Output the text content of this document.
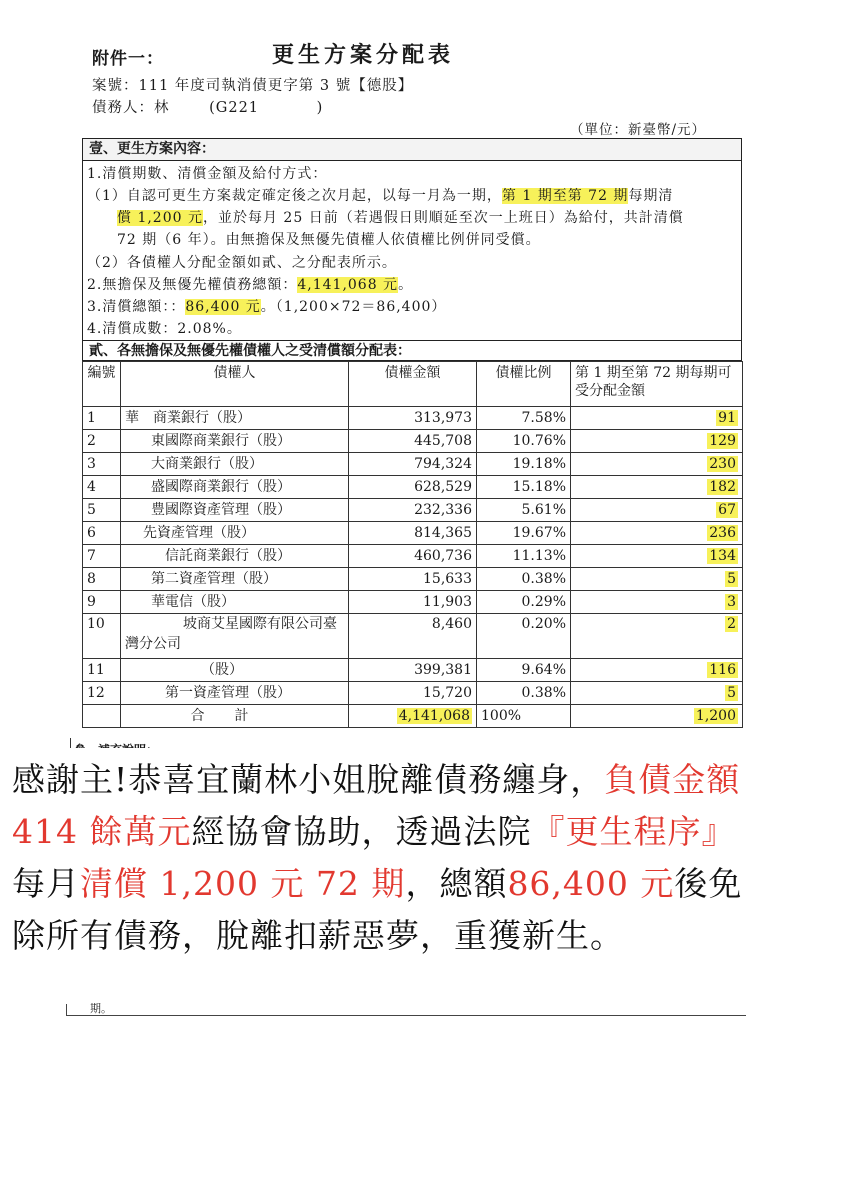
附件一：	更生方案分配表
案號：111 年度司執消債更字第 3 號【德股】
債務人：林	(G221	)
（單位：新臺幣/元）
壹、更生方案內容：
1.清償期數、清償金額及給付方式：
（1）自認可更生方案裁定確定後之次月起，以每一月為一期，第 1 期至第 72 期每期清
償 1,200 元，並於每月 25 日前（若遇假日則順延至次一上班日）為給付，共計清償
72 期（6 年）。由無擔保及無優先債權人依債權比例併同受償。
（2）各債權人分配金額如貳、之分配表所示。
2.無擔保及無優先權債務總額：4,141,068 元。
3.清償總額：：86,400 元。（1,200×72＝86,400）
4.清償成數：2.08%。
貳、各無擔保及無優先權債權人之受清償額分配表：
編號	債權人	債權金額	債權比例	第 1 期至第 72 期每期可受分配金額
1	華　商業銀行（股）	313,973	7.58%	91
2	東國際商業銀行（股）	445,708	10.76%	129
3	大商業銀行（股）	794,324	19.18%	230
4	盛國際商業銀行（股）	628,529	15.18%	182
5	豊國際資產管理（股）	232,336	5.61%	67
6	先資產管理（股）	814,365	19.67%	236
7	信託商業銀行（股）	460,736	11.13%	134
8	第二資產管理（股）	15,633	0.38%	5
9	華電信（股）	11,903	0.29%	3
10	坡商艾星國際有限公司臺灣分公司	8,460	0.20%	2
11	（股）	399,381	9.64%	116
12	第一資產管理（股）	15,720	0.38%	5
	合計	4,141,068	100%	1,200
感謝主!恭喜宜蘭林小姐脫離債務纏身，負債金額 414 餘萬元經協會協助，透過法院『更生程序』每月清償 1,200 元 72 期，總額86,400 元後免除所有債務，脫離扣薪惡夢，重獲新生。
期。
